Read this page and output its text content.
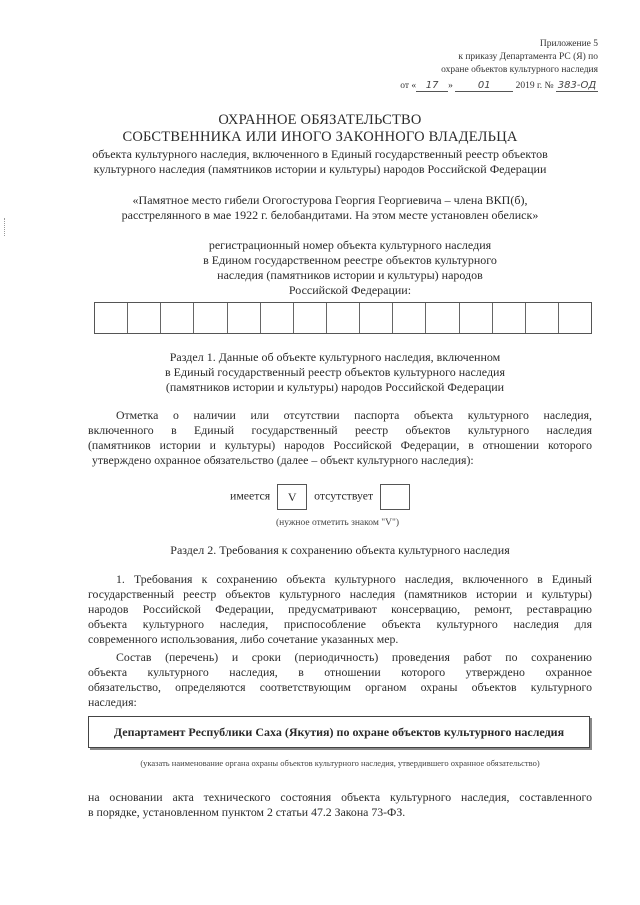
Приложение 5
к приказу Департамента РС (Я) по
охране объектов культурного наследия
от « 17 »	01	2019 г. № 383-ОД
ОХРАННОЕ ОБЯЗАТЕЛЬСТВО
СОБСТВЕННИКА ИЛИ ИНОГО ЗАКОННОГО ВЛАДЕЛЬЦА
объекта культурного наследия, включенного в Единый государственный реестр объектов
культурного наследия (памятников истории и культуры) народов Российской Федерации
«Памятное место гибели Огогостурова Георгия Георгиевича – члена ВКП(б),
расстрелянного в мае 1922 г. белобандитами. На этом месте установлен обелиск»
регистрационный номер объекта культурного наследия
в Едином государственном реестре объектов культурного
наследия (памятников истории и культуры) народов
Российской Федерации:
Раздел 1. Данные об объекте культурного наследия, включенном
в Единый государственный реестр объектов культурного наследия
(памятников истории и культуры) народов Российской Федерации
Отметка о наличии или отсутствии паспорта объекта культурного наследия,
включенного в Единый государственный реестр объектов культурного наследия
(памятников истории и культуры) народов Российской Федерации, в отношении которого
утверждено охранное обязательство (далее – объект культурного наследия):
имеется V отсутствует
(нужное отметить знаком "V")
Раздел 2. Требования к сохранению объекта культурного наследия
1. Требования к сохранению объекта культурного наследия, включенного в Единый
государственный реестр объектов культурного наследия (памятников истории и культуры)
народов Российской Федерации, предусматривают консервацию, ремонт, реставрацию
объекта культурного наследия, приспособление объекта культурного наследия для
современного использования, либо сочетание указанных мер.
Состав (перечень) и сроки (периодичность) проведения работ по сохранению
объекта культурного наследия, в отношении которого утверждено охранное
обязательство, определяются соответствующим органом охраны объектов культурного
наследия:
Департамент Республики Саха (Якутия) по охране объектов культурного наследия
(указать наименование органа охраны объектов культурного наследия, утвердившего охранное обязательство)
на основании акта технического состояния объекта культурного наследия, составленного
в порядке, установленном пунктом 2 статьи 47.2 Закона 73-ФЗ.
